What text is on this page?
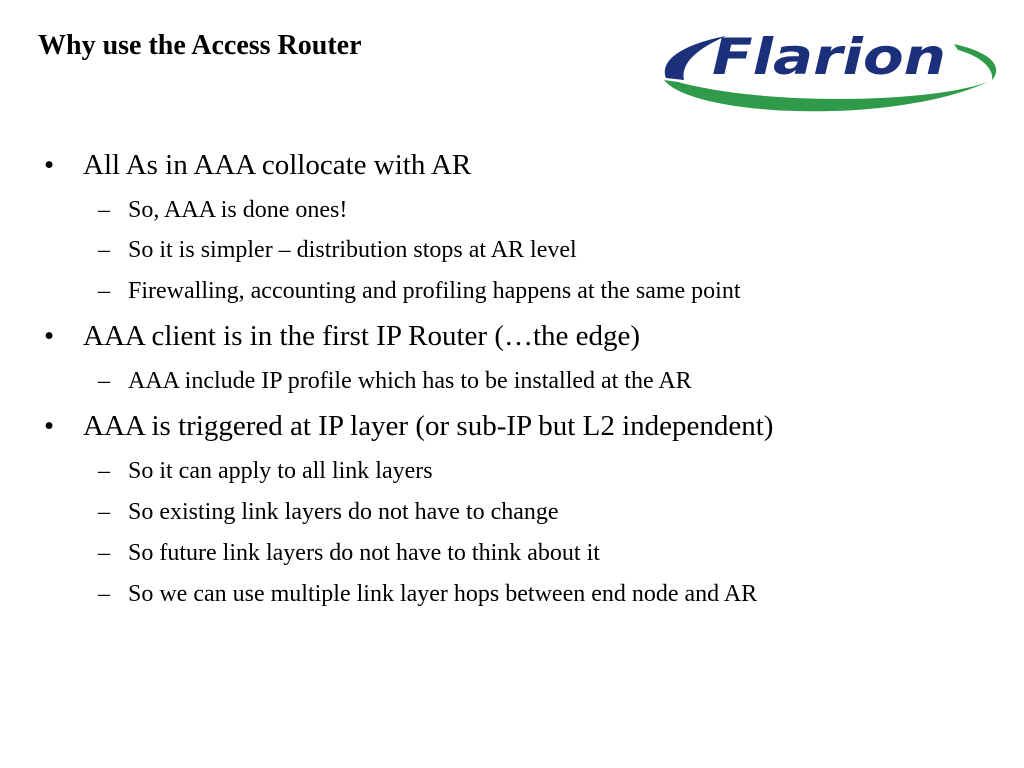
Why use the Access Router	Flarion
• All As in AAA collocate with AR
– So, AAA is done ones!
– So it is simpler – distribution stops at AR level
– Firewalling, accounting and profiling happens at the same point
• AAA client is in the first IP Router (…the edge)
– AAA include IP profile which has to be installed at the AR
• AAA is triggered at IP layer (or sub-IP but L2 independent)
– So it can apply to all link layers
– So existing link layers do not have to change
– So future link layers do not have to think about it
– So we can use multiple link layer hops between end node and AR
